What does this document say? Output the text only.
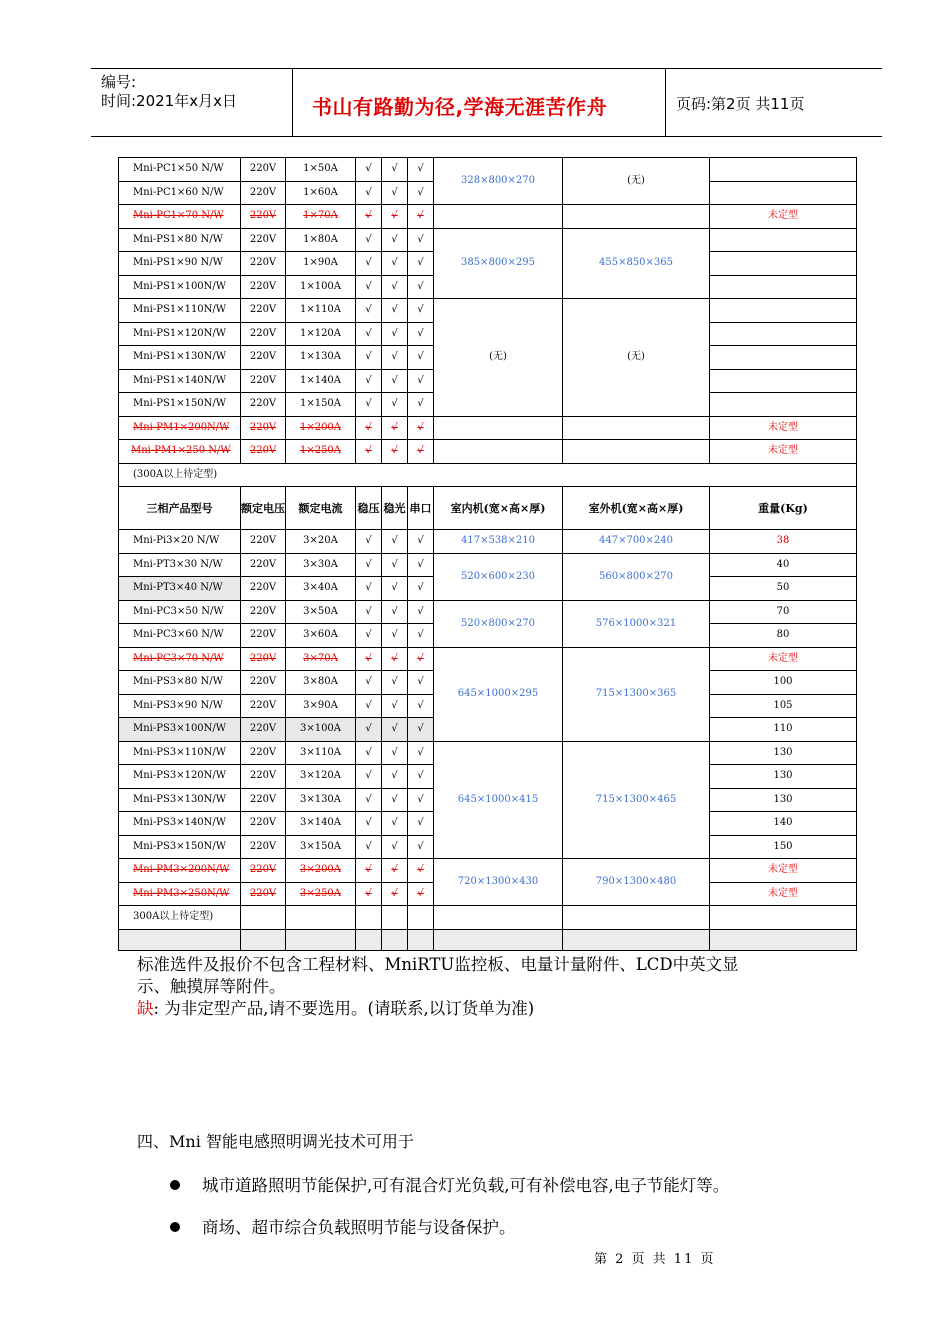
编号:
时间:2021年x月x日	书山有路勤为径,学海无涯苦作舟	页码:第2页 共11页
Mni-PC1×50 N/W	220V	1×50A	√	√	√	328×800×270	(无)	
Mni-PC1×60 N/W	220V	1×60A	√	√	√			
Mni-PC1×70 N/W	220V	1×70A	√	√	√			未定型
Mni-PS1×80 N/W	220V	1×80A	√	√	√	385×800×295	455×850×365	
Mni-PS1×90 N/W	220V	1×90A	√	√	√			
Mni-PS1×100N/W	220V	1×100A	√	√	√			
Mni-PS1×110N/W	220V	1×110A	√	√	√	(无)	(无)	
Mni-PS1×120N/W	220V	1×120A	√	√	√			
Mni-PS1×130N/W	220V	1×130A	√	√	√			
Mni-PS1×140N/W	220V	1×140A	√	√	√			
Mni-PS1×150N/W	220V	1×150A	√	√	√			
Mni-PM1×200N/W	220V	1×200A	√	√	√			未定型
Mni-PM1×250 N/W	220V	1×250A	√	√	√			未定型
(300A以上待定型)								
三相产品型号	额定电压	额定电流	稳压	稳光	串口	室内机(宽×高×厚)	室外机(宽×高×厚)	重量(Kg)
Mni-Pi3×20 N/W	220V	3×20A	√	√	√	417×538×210	447×700×240	38
Mni-PT3×30 N/W	220V	3×30A	√	√	√	520×600×230	560×800×270	40
Mni-PT3×40 N/W	220V	3×40A	√	√	√			50
Mni-PC3×50 N/W	220V	3×50A	√	√	√	520×800×270	576×1000×321	70
Mni-PC3×60 N/W	220V	3×60A	√	√	√			80
Mni-PC3×70 N/W	220V	3×70A	√	√	√	645×1000×295	715×1300×365	未定型
Mni-PS3×80 N/W	220V	3×80A	√	√	√			100
Mni-PS3×90 N/W	220V	3×90A	√	√	√			105
Mni-PS3×100N/W	220V	3×100A	√	√	√			110
Mni-PS3×110N/W	220V	3×110A	√	√	√	645×1000×415	715×1300×465	130
Mni-PS3×120N/W	220V	3×120A	√	√	√			130
Mni-PS3×130N/W	220V	3×130A	√	√	√			130
Mni-PS3×140N/W	220V	3×140A	√	√	√			140
Mni-PS3×150N/W	220V	3×150A	√	√	√			150
Mni-PM3×200N/W	220V	3×200A	√	√	√	720×1300×430	790×1300×480	未定型
Mni-PM3×250N/W	220V	3×250A	√	√	√			未定型
300A以上待定型)								

标准选件及报价不包含工程材料、MniRTU监控板、电量计量附件、LCD中英文显
示、触摸屏等附件。
缺: 为非定型产品,请不要选用。(请联系,以订货单为准)
四、Mni 智能电感照明调光技术可用于
城市道路照明节能保护,可有混合灯光负载,可有补偿电容,电子节能灯等。
商场、超市综合负载照明节能与设备保护。
第 2 页 共 11 页
